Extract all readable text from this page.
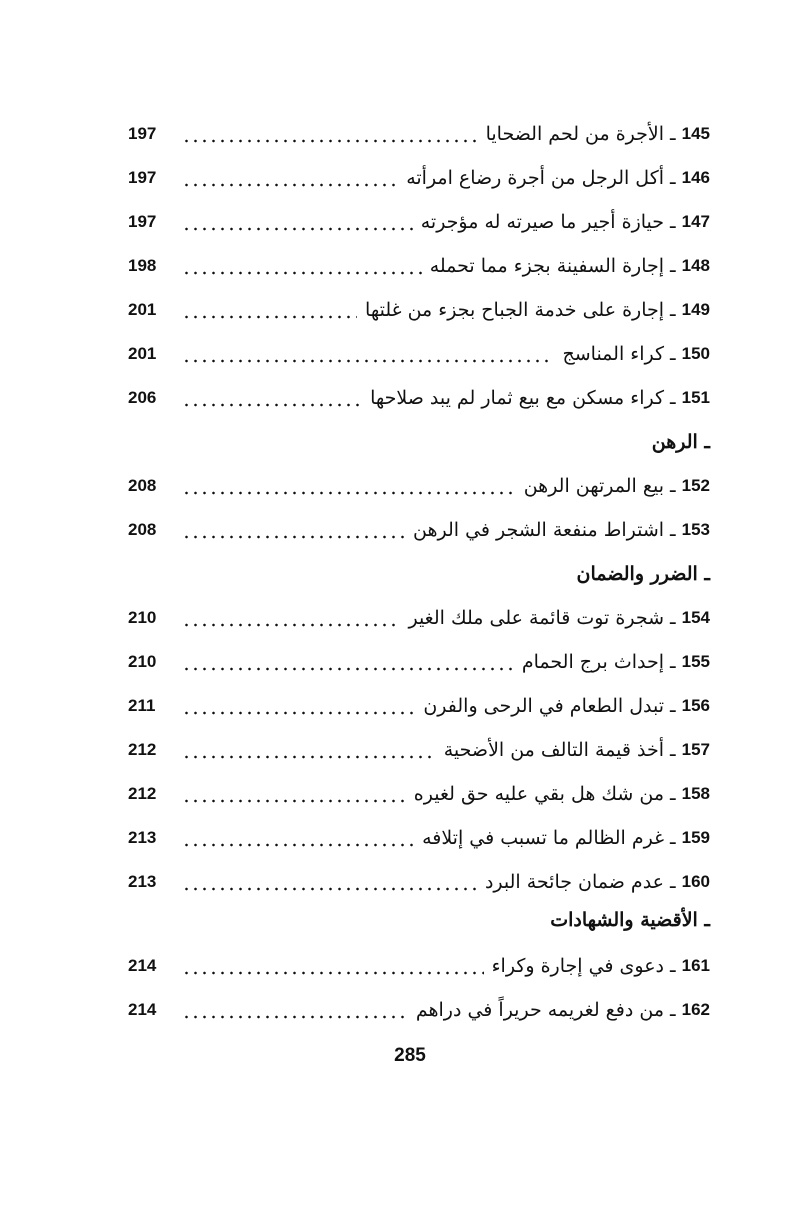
197	ـ الأجرة من لحم الضحايا 145
197	ـ أكل الرجل من أجرة رضاع امرأته 146
197	ـ حيازة أجير ما صيرته له مؤجرته 147
198	ـ إجارة السفينة بجزء مما تحمله 148
201	ـ إجارة على خدمة الجباح بجزء من غلتها 149
201	ـ كراء المناسج 150
206	ـ كراء مسكن مع بيع ثمار لم يبد صلاحها 151
ـ الرهن
208	ـ بيع المرتهن الرهن 152
208	ـ اشتراط منفعة الشجر في الرهن 153
ـ الضرر والضمان
210	ـ شجرة توت قائمة على ملك الغير 154
210	ـ إحداث برج الحمام 155
211	ـ تبدل الطعام في الرحى والفرن 156
212	ـ أخذ قيمة التالف من الأضحية 157
212	ـ من شك هل بقي عليه حق لغيره 158
213	ـ غرم الظالم ما تسبب في إتلافه 159
213	ـ عدم ضمان جائحة البرد 160
ـ الأقضية والشهادات
214	ـ دعوى في إجارة وكراء 161
214	ـ من دفع لغريمه حريراً في دراهم 162
285
